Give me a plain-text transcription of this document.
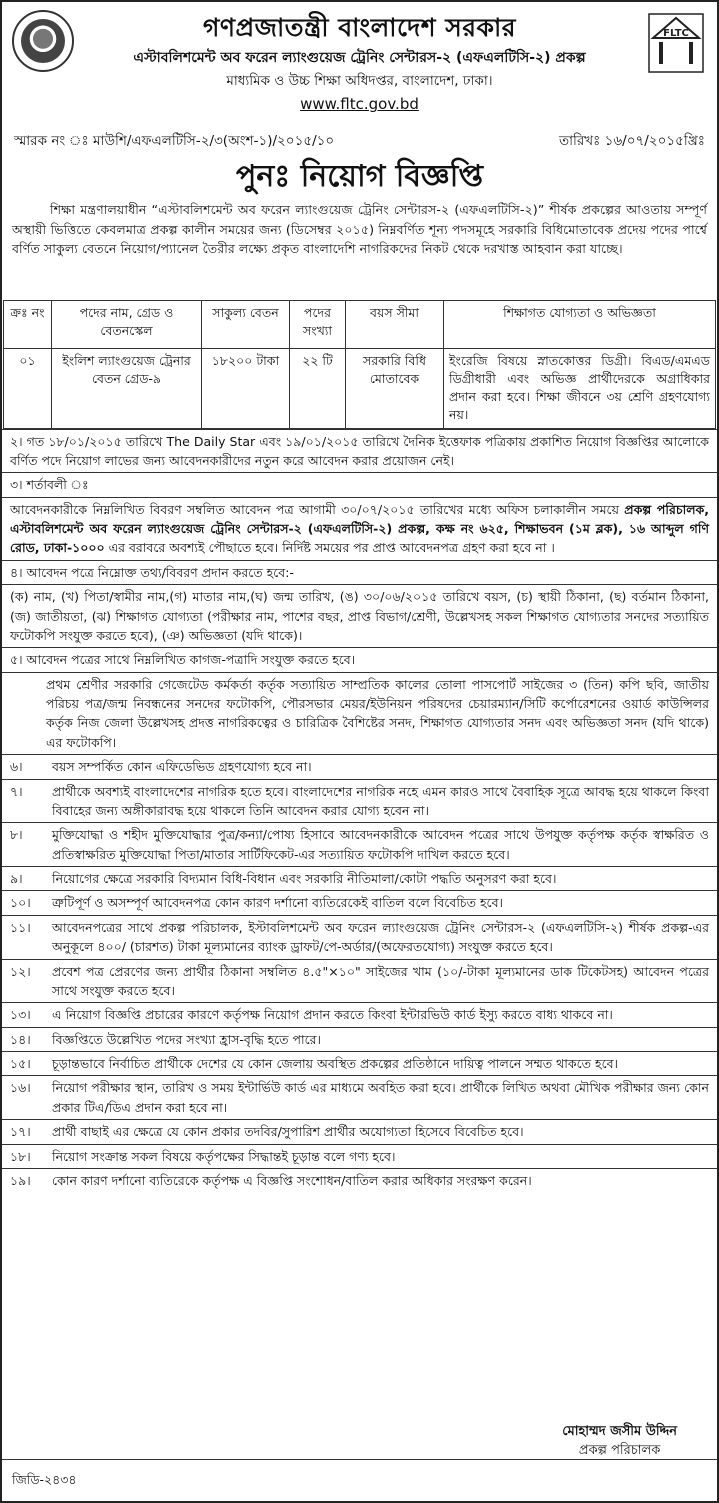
FLTC
গণপ্রজাতন্ত্রী বাংলাদেশ সরকার
এস্টাবলিশমেন্ট অব ফরেন ল্যাংগুয়েজ ট্রেনিং সেন্টারস-২ (এফএলটিসি-২) প্রকল্প
মাধ্যমিক ও উচ্চ শিক্ষা অধিদপ্তর, বাংলাদেশ, ঢাকা।
www.fltc.gov.bd
স্মারক নং ঃ মাউশি/এফএলটিসি-২/৩(অংশ-১)/২০১৫/১০	তারিখঃ ১৬/০৭/২০১৫খ্রিঃ
পুনঃ নিয়োগ বিজ্ঞপ্তি
শিক্ষা মন্ত্রণালয়াধীন “এস্টাবলিশমেন্ট অব ফরেন ল্যাংগুয়েজ ট্রেনিং সেন্টারস-২ (এফএলটিসি-২)” শীর্ষক প্রকল্পের আওতায় সম্পূর্ণ অস্থায়ী ভিত্তিতে কেবলমাত্র প্রকল্প কালীন সময়ের জন্য (ডিসেম্বর ২০১৫) নিম্নবর্ণিত শূন্য পদসমূহে সরকারি বিধিমোতাবেক প্রদেয় পদের পার্শ্বে বর্ণিত সাকুল্য বেতনে নিয়োগ/প্যানেল তৈরীর লক্ষ্যে প্রকৃত বাংলাদেশি নাগরিকদের নিকট থেকে দরখাস্ত আহবান করা যাচ্ছে।
ক্রঃ নং	পদের নাম, গ্রেড ও বেতনস্কেল	সাকুল্য বেতন	পদের সংখ্যা	বয়স সীমা	শিক্ষাগত যোগ্যতা ও অভিজ্ঞতা
০১	ইংলিশ ল্যাংগুয়েজ ট্রেনার
বেতন গ্রেড-৯	১৮২০০ টাকা	২২ টি	সরকারি বিধি মোতাবেক	ইংরেজি বিষয়ে স্নাতকোত্তর ডিগ্রী। বিএড/এমএড ডিগ্রীধারী এবং অভিজ্ঞ প্রার্থীদেরকে অগ্রাধিকার প্রদান করা হবে। শিক্ষা জীবনে ৩য় শ্রেণি গ্রহণযোগ্য নয়।
২। গত ১৮/০১/২০১৫ তারিখে The Daily Star এবং ১৯/০১/২০১৫ তারিখে দৈনিক ইত্তেফাক পত্রিকায় প্রকাশিত নিয়োগ বিজ্ঞপ্তির আলোকে বর্ণিত পদে নিয়োগ লাভের জন্য আবেদনকারীদের নতুন করে আবেদন করার প্রয়োজন নেই।
৩। শর্তাবলী ঃ
আবেদনকারীকে নিম্নলিখিত বিবরণ সম্বলিত আবেদন পত্র আগামী ৩০/০৭/২০১৫ তারিখের মধ্যে অফিস চলাকালীন সময়ে প্রকল্প পরিচালক, এস্টাবলিশমেন্ট অব ফরেন ল্যাংগুয়েজ ট্রেনিং সেন্টারস-২ (এফএলটিসি-২) প্রকল্প, কক্ষ নং ৬২৫, শিক্ষাভবন (১ম ব্লক), ১৬ আব্দুল গণি রোড, ঢাকা-১০০০ এর বরাবরে অবশ্যই পৌছাতে হবে। নির্দিষ্ট সময়ের পর প্রাপ্ত আবেদনপত্র গ্রহণ করা হবে না ।
৪। আবেদন পত্রে নিম্নোক্ত তথ্য/বিবরণ প্রদান করতে হবে:-
(ক) নাম, (খ) পিতা/স্বামীর নাম,(গ) মাতার নাম,(ঘ) জন্ম তারিখ, (ঙ) ৩০/০৬/২০১৫ তারিখে বয়স, (চ) স্থায়ী ঠিকানা, (ছ) বর্তমান ঠিকানা, (জ) জাতীয়তা, (ঝ) শিক্ষাগত যোগ্যতা (পরীক্ষার নাম, পাশের বছর, প্রাপ্ত বিভাগ/শ্রেণী, উল্লেখসহ সকল শিক্ষাগত যোগ্যতার সনদের সত্যায়িত ফটোকপি সংযুক্ত করতে হবে), (ঞ) অভিজ্ঞতা (যদি থাকে)।
৫। আবেদন পত্রের সাথে নিম্নলিখিত কাগজ-পত্রাদি সংযুক্ত করতে হবে।
প্রথম শ্রেণীর সরকারি গেজেটেড কর্মকর্তা কর্তৃক সত্যায়িত সাম্প্রতিক কালের তোলা পাসপোর্ট সাইজের ৩ (তিন) কপি ছবি, জাতীয় পরিচয় পত্র/জন্ম নিবন্ধনের সনদের ফটোকপি, পৌরসভার মেয়র/ইউনিয়ন পরিষদের চেয়ারম্যান/সিটি কর্পোরেশনের ওয়ার্ড কাউন্সিলর কর্তৃক নিজ জেলা উল্লেখসহ প্রদত্ত নাগরিকত্বের ও চারিত্রিক বৈশিষ্টের সনদ, শিক্ষাগত যোগ্যতার সনদ এবং অভিজ্ঞতা সনদ (যদি থাকে) এর ফটোকপি।
৬।	বয়স সম্পর্কিত কোন এফিডেভিড গ্রহণযোগ্য হবে না।
৭।	প্রার্থীকে অবশ্যই বাংলাদেশের নাগরিক হতে হবে। বাংলাদেশের নাগরিক নহে এমন কারও সাথে বৈবাহিক সূত্রে আবদ্ধ হয়ে থাকলে কিংবা বিবাহের জন্য অঙ্গীকারাবদ্ধ হয়ে থাকলে তিনি আবেদন করার যোগ্য হবেন না।
৮।	মুক্তিযোদ্ধা ও শহীদ মুক্তিযোদ্ধার পুত্র/কন্যা/পোষ্য হিসাবে আবেদনকারীকে আবেদন পত্রের সাথে উপযুক্ত কর্তৃপক্ষ কর্তৃক স্বাক্ষরিত ও প্রতিস্বাক্ষরিত মুক্তিযোদ্ধা পিতা/মাতার সার্টিফিকেট-এর সত্যায়িত ফটোকপি দাখিল করতে হবে।
৯।	নিয়োগের ক্ষেত্রে সরকারি বিদ্যমান বিধি-বিধান এবং সরকারি নীতিমালা/কোটা পদ্ধতি অনুসরণ করা হবে।
১০।	ত্রুটিপূর্ণ ও অসম্পূর্ণ আবেদনপত্র কোন কারণ দর্শানো ব্যতিরেকেই বাতিল বলে বিবেচিত হবে।
১১।	আবেদনপত্রের সাথে প্রকল্প পরিচালক, ইস্টাবলিশমেন্ট অব ফরেন ল্যাংগুয়েজ ট্রেনিং সেন্টারস-২ (এফএলটিসি-২) শীর্ষক প্রকল্প-এর অনুকূলে ৪০০/ (চারশত) টাকা মূল্যমানের ব্যাংক ড্রাফট/পে-অর্ডার/(অফেরতযোগ্য) সংযুক্ত করতে হবে।
১২।	প্রবেশ পত্র প্রেরণের জন্য প্রার্থীর ঠিকানা সম্বলিত ৪.৫"×১০" সাইজের খাম (১০/-টাকা মূল্যমানের ডাক টিকেটসহ) আবেদন পত্রের সাথে সংযুক্ত করতে হবে।
১৩।	এ নিয়োগ বিজ্ঞপ্তি প্রচারের কারণে কর্তৃপক্ষ নিয়োগ প্রদান করতে কিংবা ইন্টারভিউ কার্ড ইস্যু করতে বাধ্য থাকবে না।
১৪।	বিজ্ঞপ্তিতে উল্লেখিত পদের সংখ্যা হ্রাস-বৃদ্ধি হতে পারে।
১৫।	চূড়ান্তভাবে নির্বাচিত প্রার্থীকে দেশের যে কোন জেলায় অবস্থিত প্রকল্পের প্রতিষ্ঠানে দায়িত্ব পালনে সম্মত থাকতে হবে।
১৬।	নিয়োগ পরীক্ষার স্থান, তারিখ ও সময় ইন্টার্ভিউ কার্ড এর মাধ্যমে অবহিত করা হবে। প্রার্থীকে লিখিত অথবা মৌখিক পরীক্ষার জন্য কোন প্রকার টিএ/ডিএ প্রদান করা হবে না।
১৭।	প্রার্থী বাছাই এর ক্ষেত্রে যে কোন প্রকার তদবির/সুপারিশ প্রার্থীর অযোগ্যতা হিসেবে বিবেচিত হবে।
১৮।	নিয়োগ সংক্রান্ত সকল বিষয়ে কর্তৃপক্ষের সিদ্ধান্তই চূড়ান্ত বলে গণ্য হবে।
১৯।	কোন কারণ দর্শানো ব্যতিরেকে কর্তৃপক্ষ এ বিজ্ঞপ্তি সংশোধন/বাতিল করার অধিকার সংরক্ষণ করেন।
মোহাম্মদ জসীম উদ্দিন
প্রকল্প পরিচালক
জিডি-২৪৩৪
